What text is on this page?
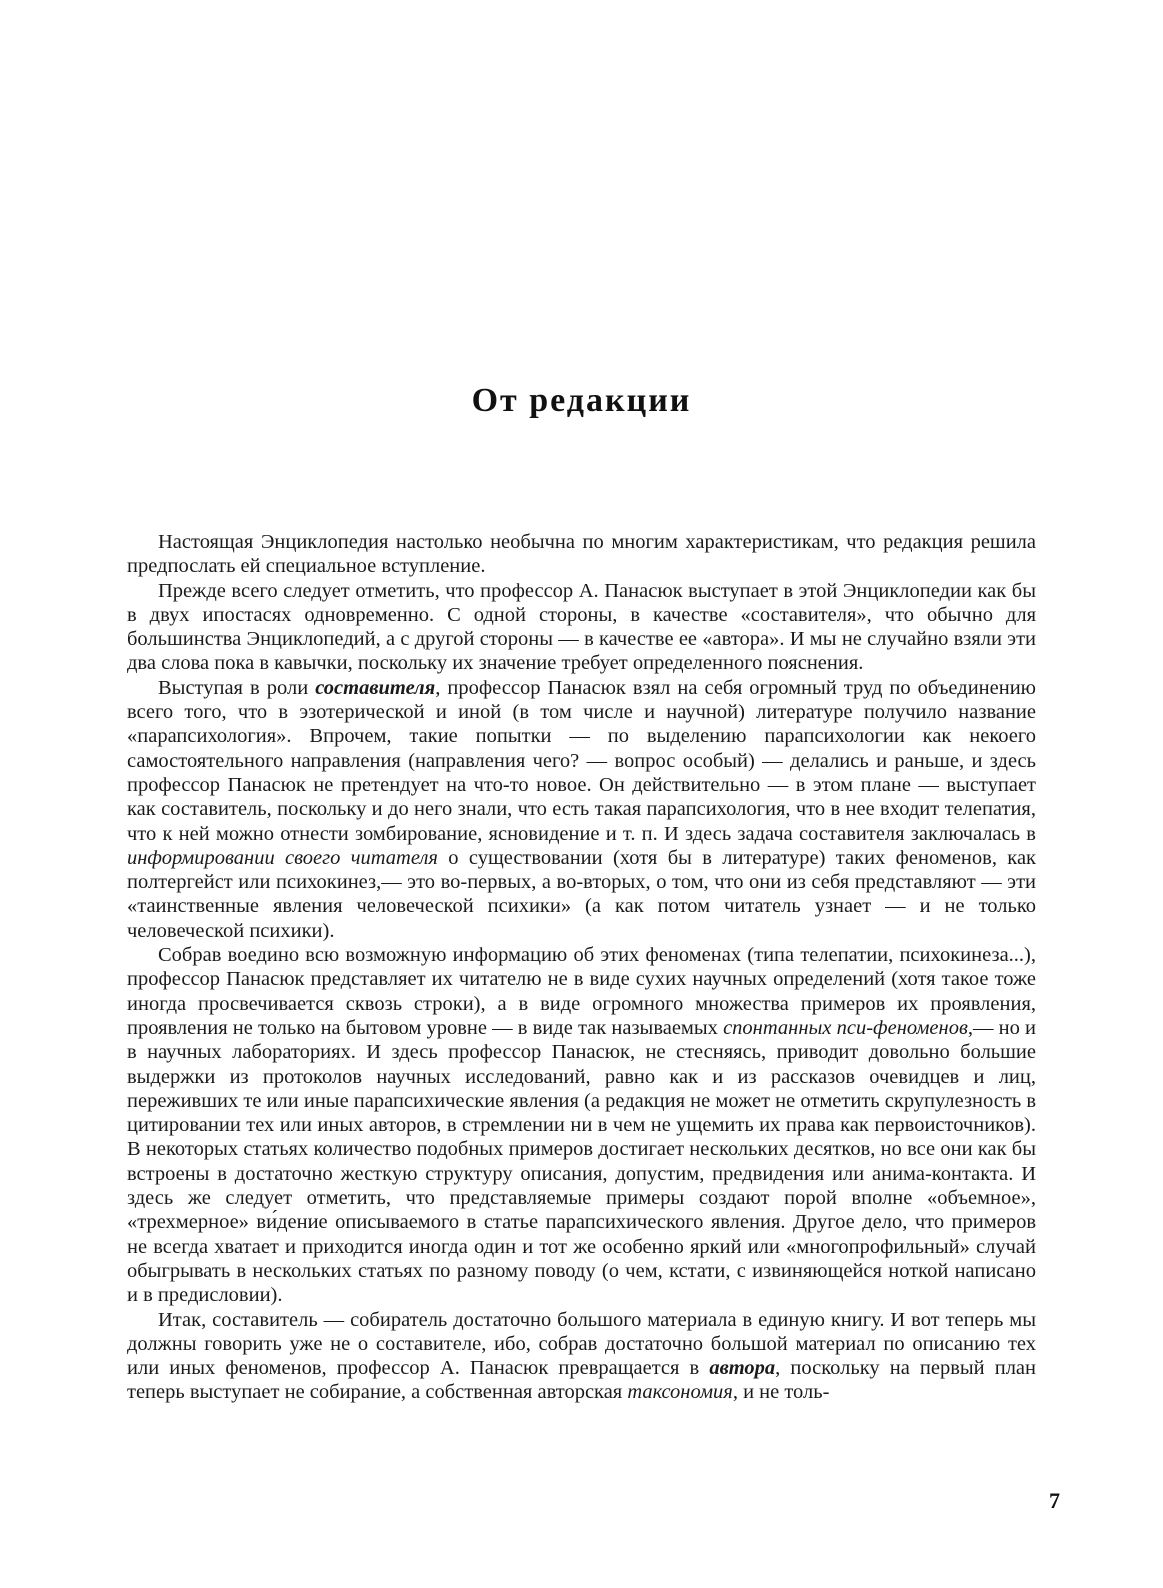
От редакции

Настоящая Энциклопедия настолько необычна по многим характеристикам, что редакция решила предпослать ей специальное вступление.

Прежде всего следует отметить, что профессор А. Панасюк выступает в этой Энциклопедии как бы в двух ипостасях одновременно. С одной стороны, в качестве «составителя», что обычно для большинства Энциклопедий, а с другой стороны — в качестве ее «автора». И мы не случайно взяли эти два слова пока в кавычки, поскольку их значение требует определенного пояснения.

Выступая в роли составителя, профессор Панасюк взял на себя огромный труд по объединению всего того, что в эзотерической и иной (в том числе и научной) литературе получило название «парапсихология». Впрочем, такие попытки — по выделению парапсихологии как некоего самостоятельного направления (направления чего? — вопрос особый) — делались и раньше, и здесь профессор Панасюк не претендует на что-то новое. Он действительно — в этом плане — выступает как составитель, поскольку и до него знали, что есть такая парапсихология, что в нее входит телепатия, что к ней можно отнести зомбирование, ясновидение и т. п. И здесь задача составителя заключалась в информировании своего читателя о существовании (хотя бы в литературе) таких феноменов, как полтергейст или психокинез,— это во-первых, а во-вторых, о том, что они из себя представляют — эти «таинственные явления человеческой психики» (а как потом читатель узнает — и не только человеческой психики).

Собрав воедино всю возможную информацию об этих феноменах (типа телепатии, психокинеза...), профессор Панасюк представляет их читателю не в виде сухих научных определений (хотя такое тоже иногда просвечивается сквозь строки), а в виде огромного множества примеров их проявления, проявления не только на бытовом уровне — в виде так называемых спонтанных пси-феноменов,— но и в научных лабораториях. И здесь профессор Панасюк, не стесняясь, приводит довольно большие выдержки из протоколов научных исследований, равно как и из рассказов очевидцев и лиц, переживших те или иные парапсихические явления (а редакция не может не отметить скрупулезность в цитировании тех или иных авторов, в стремлении ни в чем не ущемить их права как первоисточников). В некоторых статьях количество подобных примеров достигает нескольких десятков, но все они как бы встроены в достаточно жесткую структуру описания, допустим, предвидения или анима-контакта. И здесь же следует отметить, что представляемые примеры создают порой вполне «объемное», «трехмерное» ви́дение описываемого в статье парапсихического явления. Другое дело, что примеров не всегда хватает и приходится иногда один и тот же особенно яркий или «многопрофильный» случай обыгрывать в нескольких статьях по разному поводу (о чем, кстати, с извиняющейся ноткой написано и в предисловии).

Итак, составитель — собиратель достаточно большого материала в единую книгу. И вот теперь мы должны говорить уже не о составителе, ибо, собрав достаточно большой материал по описанию тех или иных феноменов, профессор А. Панасюк превращается в автора, поскольку на первый план теперь выступает не собирание, а собственная авторская таксономия, и не толь-

7
